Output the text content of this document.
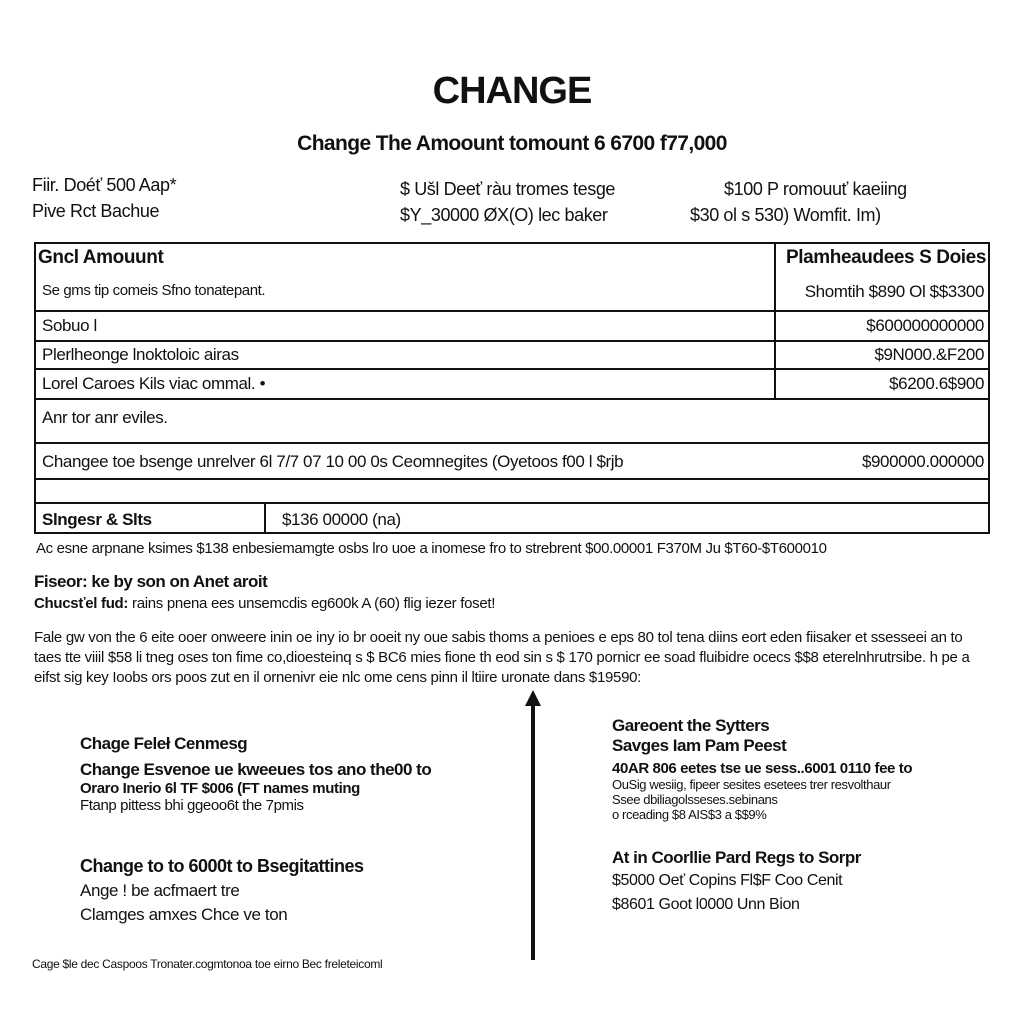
CHANGE
Change The Amoount tomount 6 6700 f77,000
Fiir. Doéť 500 Aap*
Pive Rct Bachue
$ Ušl Deeť ràu tromes tesge
$Y_30000 ØX(O) lec baker
$100 P romouuť kaeiing
$30 ol s 530) Womfit. Im)
Gncl Amouunt	Plamheaudees S Doies
Se gms tip comeis Sfno tonatepant.	Shomtih $890 Ol $$3300
Sobuo l	$600000000000
Plerlheonge lnoktoloic airas	$9N000.&F200
Lorel Caroes Kils viac ommal. •	$6200.6$900
Anr tor anr eviles.
Changee toe bsenge unrelver 6l 7/7 07 10 00 0s Ceomnegites (Oyetoos f00 l $rjb	$900000.000000
Slngesr & Slts	$136 00000 (na)
Ac esne arpnane ksimes $138 enbesiemamgte osbs lro uoe a inomese fro to strebrent $00.00001 F370M Ju $T60-$T600010
Fiseor: ke by son on Anet aroit
Chucsťel fud: rains pnena ees unsemcdis eg600k A (60) flig iezer foset!
Fale gw von the 6 eite ooer onweere inin oe iny io br ooeit ny oue sabis thoms a penioes e eps 80 tol tena diins eort eden fiisaker et ssesseei an to
taes tte viiil $58 li tneg oses ton fime co,dioesteinq s $ BC6 mies fione th eod sin s $ 170 pornicr ee soad fluibidre ocecs $$8 eterelnhrutrsibe. h pe a
eifst sig key Ioobs ors poos zut en il ornenivr eie nlc ome cens pinn il ltiire uronate dans $19590:
Chage Feleł Cenmesg
Change Esvenoe ue kweeues tos ano the00 to
Oraro Inerio 6l TF $006 (FT names muting
Ftanp pittess bhi ggeoo6t the 7pmis
Change to to 6000t to Bsegitattines
Ange ! be acfmaert tre
Clamges amxes Chce ve ton
Gareoent the Sytters
Savges Iam Pam Peest
40AR 806 eetes tse ue sess..6001 0110 fee to
OuSig wesiig, fipeer sesites esetees trer resvolthaur
Ssee dbiliagolsseses.sebinans
o rceading $8 AIS$3 a $$9%
At in Coorllie Pard Regs to Sorpr
$5000 Oeť Copins Fl$F Coo Cenit
$8601 Goot l0000 Unn Bion
Cage $le dec Caspoos Tronater.cogmtonoa toe eirno Bec freleteicoml
